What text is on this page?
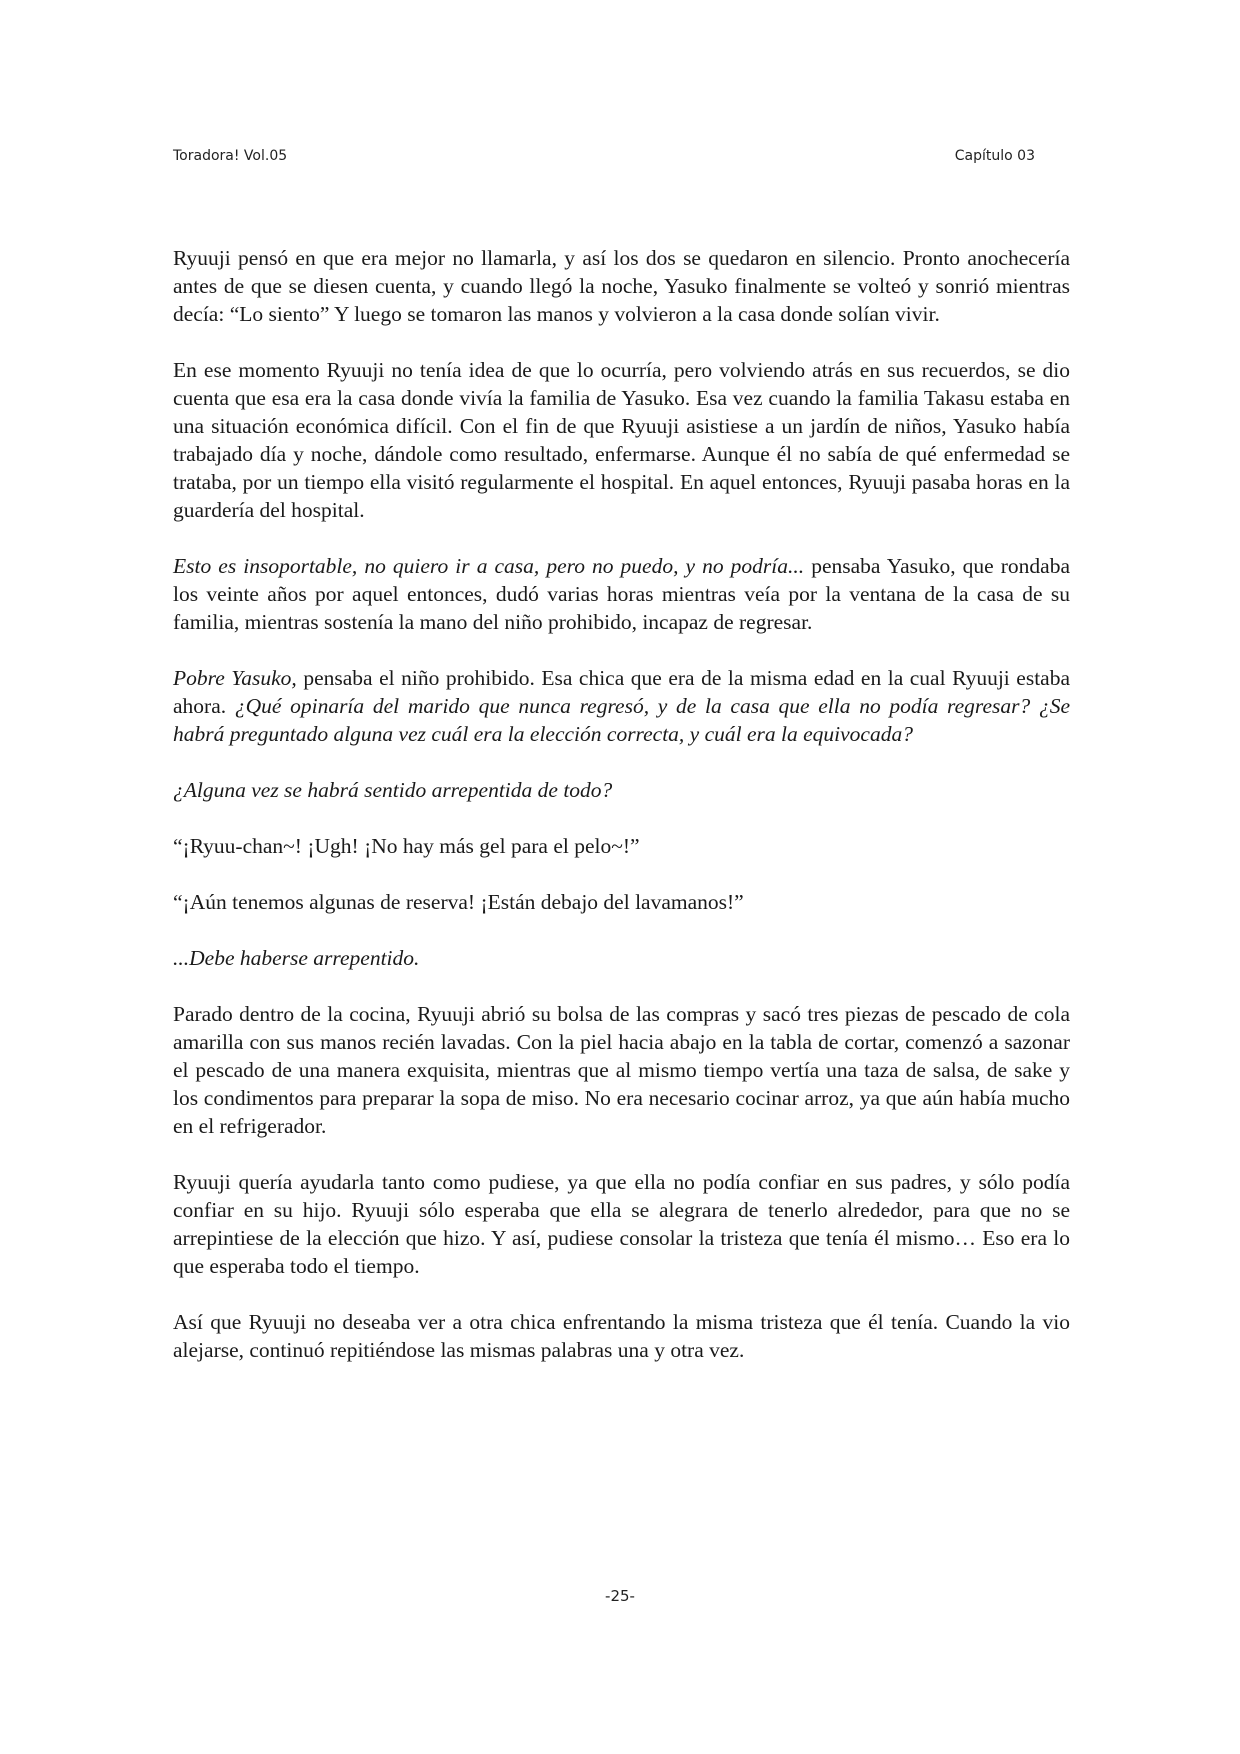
Toradora! Vol.05	Capítulo 03

Ryuuji pensó en que era mejor no llamarla, y así los dos se quedaron en silencio. Pronto anochecería antes de que se diesen cuenta, y cuando llegó la noche, Yasuko finalmente se volteó y sonrió mientras decía: “Lo siento” Y luego se tomaron las manos y volvieron a la casa donde solían vivir.

En ese momento Ryuuji no tenía idea de que lo ocurría, pero volviendo atrás en sus recuerdos, se dio cuenta que esa era la casa donde vivía la familia de Yasuko. Esa vez cuando la familia Takasu estaba en una situación económica difícil. Con el fin de que Ryuuji asistiese a un jardín de niños, Yasuko había trabajado día y noche, dándole como resultado, enfermarse. Aunque él no sabía de qué enfermedad se trataba, por un tiempo ella visitó regularmente el hospital. En aquel entonces, Ryuuji pasaba horas en la guardería del hospital.

Esto es insoportable, no quiero ir a casa, pero no puedo, y no podría... pensaba Yasuko, que rondaba los veinte años por aquel entonces, dudó varias horas mientras veía por la ventana de la casa de su familia, mientras sostenía la mano del niño prohibido, incapaz de regresar.

Pobre Yasuko, pensaba el niño prohibido. Esa chica que era de la misma edad en la cual Ryuuji estaba ahora. ¿Qué opinaría del marido que nunca regresó, y de la casa que ella no podía regresar? ¿Se habrá preguntado alguna vez cuál era la elección correcta, y cuál era la equivocada?

¿Alguna vez se habrá sentido arrepentida de todo?

“¡Ryuu-chan~! ¡Ugh! ¡No hay más gel para el pelo~!”

“¡Aún tenemos algunas de reserva! ¡Están debajo del lavamanos!”

...Debe haberse arrepentido.

Parado dentro de la cocina, Ryuuji abrió su bolsa de las compras y sacó tres piezas de pescado de cola amarilla con sus manos recién lavadas. Con la piel hacia abajo en la tabla de cortar, comenzó a sazonar el pescado de una manera exquisita, mientras que al mismo tiempo vertía una taza de salsa, de sake y los condimentos para preparar la sopa de miso. No era necesario cocinar arroz, ya que aún había mucho en el refrigerador.

Ryuuji quería ayudarla tanto como pudiese, ya que ella no podía confiar en sus padres, y sólo podía confiar en su hijo. Ryuuji sólo esperaba que ella se alegrara de tenerlo alrededor, para que no se arrepintiese de la elección que hizo. Y así, pudiese consolar la tristeza que tenía él mismo… Eso era lo que esperaba todo el tiempo.

Así que Ryuuji no deseaba ver a otra chica enfrentando la misma tristeza que él tenía. Cuando la vio alejarse, continuó repitiéndose las mismas palabras una y otra vez.

-25-
